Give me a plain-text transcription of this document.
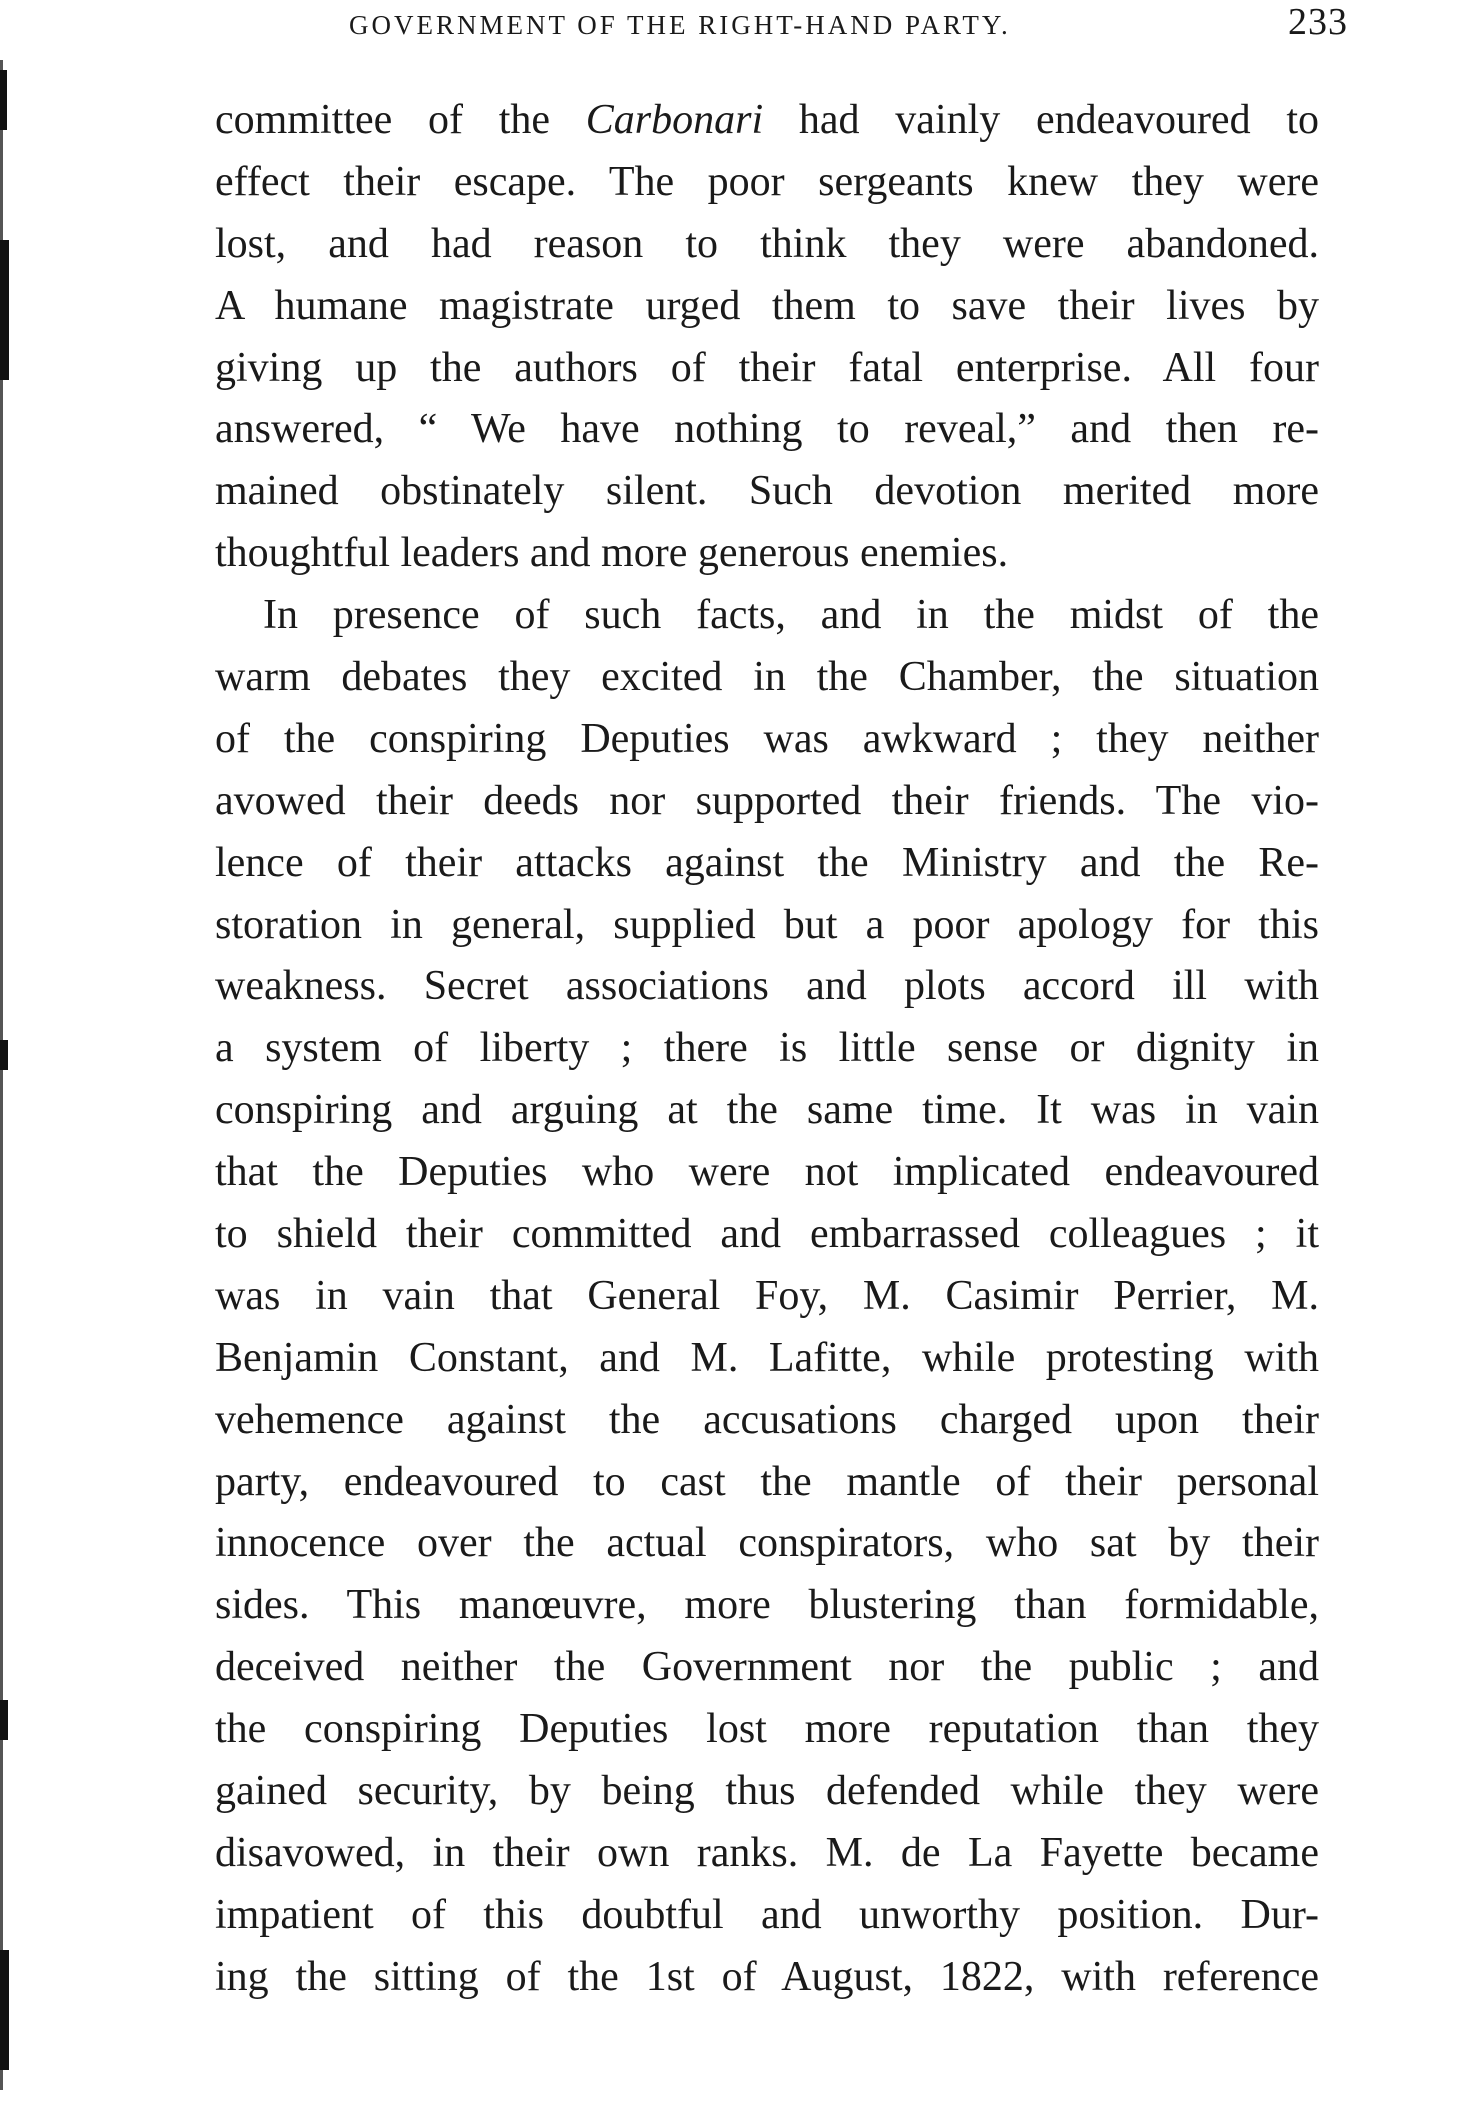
GOVERNMENT OF THE RIGHT-HAND PARTY.	233
committee of the Carbonari had vainly endeavoured to
effect their escape. The poor sergeants knew they were
lost, and had reason to think they were abandoned.
A humane magistrate urged them to save their lives by
giving up the authors of their fatal enterprise. All four
answered, “ We have nothing to reveal,” and then re-
mained obstinately silent. Such devotion merited more
thoughtful leaders and more generous enemies.
In presence of such facts, and in the midst of the
warm debates they excited in the Chamber, the situation
of the conspiring Deputies was awkward ; they neither
avowed their deeds nor supported their friends. The vio-
lence of their attacks against the Ministry and the Re-
storation in general, supplied but a poor apology for this
weakness. Secret associations and plots accord ill with
a system of liberty ; there is little sense or dignity in
conspiring and arguing at the same time. It was in vain
that the Deputies who were not implicated endeavoured
to shield their committed and embarrassed colleagues ; it
was in vain that General Foy, M. Casimir Perrier, M.
Benjamin Constant, and M. Lafitte, while protesting with
vehemence against the accusations charged upon their
party, endeavoured to cast the mantle of their personal
innocence over the actual conspirators, who sat by their
sides. This manœuvre, more blustering than formidable,
deceived neither the Government nor the public ; and
the conspiring Deputies lost more reputation than they
gained security, by being thus defended while they were
disavowed, in their own ranks. M. de La Fayette became
impatient of this doubtful and unworthy position. Dur-
ing the sitting of the 1st of August, 1822, with reference
